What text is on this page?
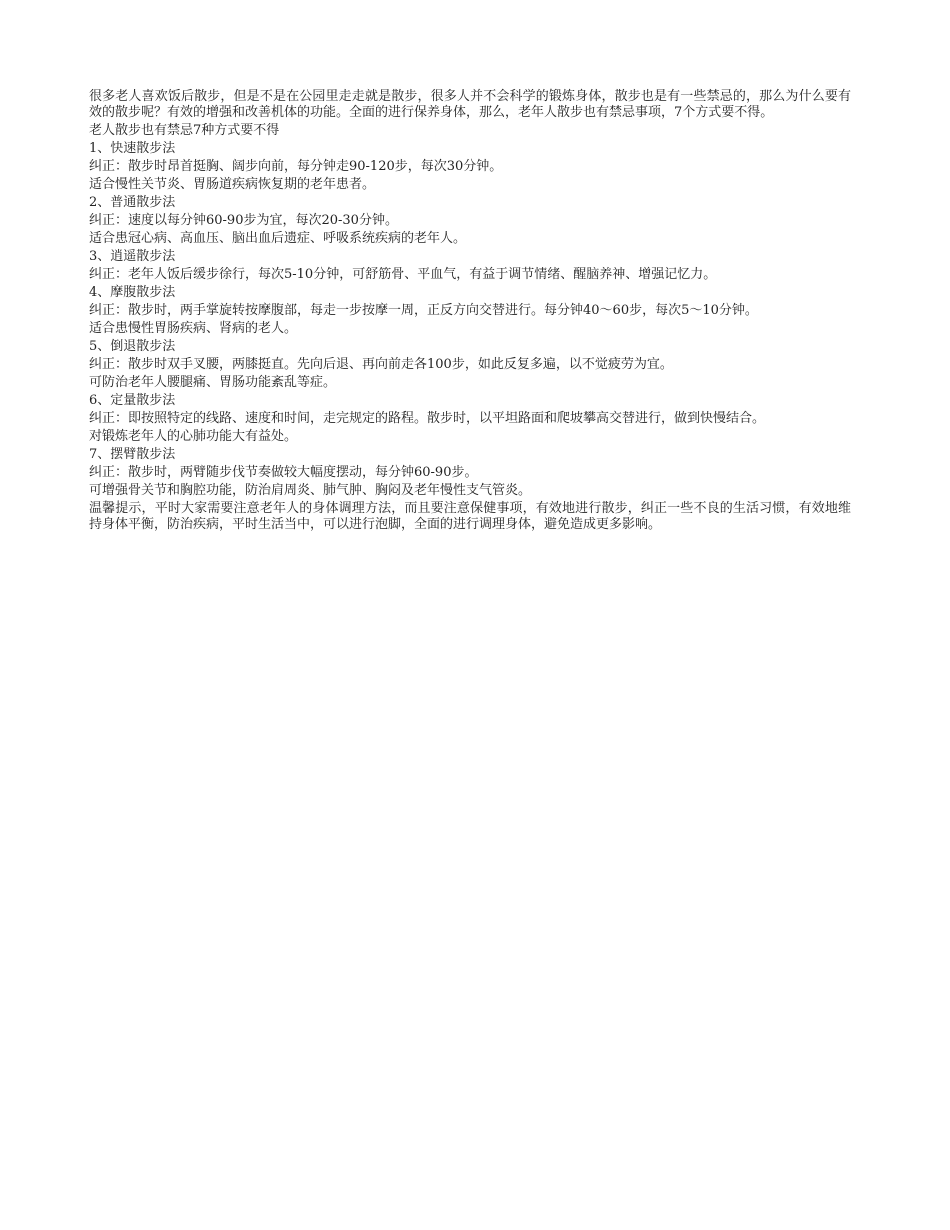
很多老人喜欢饭后散步，但是不是在公园里走走就是散步，很多人并不会科学的锻炼身体，散步也是有一些禁忌的，那么为什么要有效的散步呢？有效的增强和改善机体的功能。全面的进行保养身体，那么，老年人散步也有禁忌事项，7个方式要不得。

老人散步也有禁忌7种方式要不得

1、快速散步法

纠正：散步时昂首挺胸、阔步向前，每分钟走90-120步，每次30分钟。

适合慢性关节炎、胃肠道疾病恢复期的老年患者。

2、普通散步法

纠正：速度以每分钟60-90步为宜，每次20-30分钟。

适合患冠心病、高血压、脑出血后遗症、呼吸系统疾病的老年人。

3、逍遥散步法

纠正：老年人饭后缓步徐行，每次5-10分钟，可舒筋骨、平血气，有益于调节情绪、醒脑养神、增强记忆力。

4、摩腹散步法

纠正：散步时，两手掌旋转按摩腹部，每走一步按摩一周，正反方向交替进行。每分钟40～60步，每次5～10分钟。

适合患慢性胃肠疾病、肾病的老人。

5、倒退散步法

纠正：散步时双手叉腰，两膝挺直。先向后退、再向前走各100步，如此反复多遍，以不觉疲劳为宜。

可防治老年人腰腿痛、胃肠功能紊乱等症。

6、定量散步法

纠正：即按照特定的线路、速度和时间，走完规定的路程。散步时，以平坦路面和爬坡攀高交替进行，做到快慢结合。

对锻炼老年人的心肺功能大有益处。

7、摆臂散步法

纠正：散步时，两臂随步伐节奏做较大幅度摆动，每分钟60-90步。

可增强骨关节和胸腔功能，防治肩周炎、肺气肿、胸闷及老年慢性支气管炎。

温馨提示，平时大家需要注意老年人的身体调理方法，而且要注意保健事项，有效地进行散步，纠正一些不良的生活习惯，有效地维持身体平衡，防治疾病，平时生活当中，可以进行泡脚，全面的进行调理身体，避免造成更多影响。
